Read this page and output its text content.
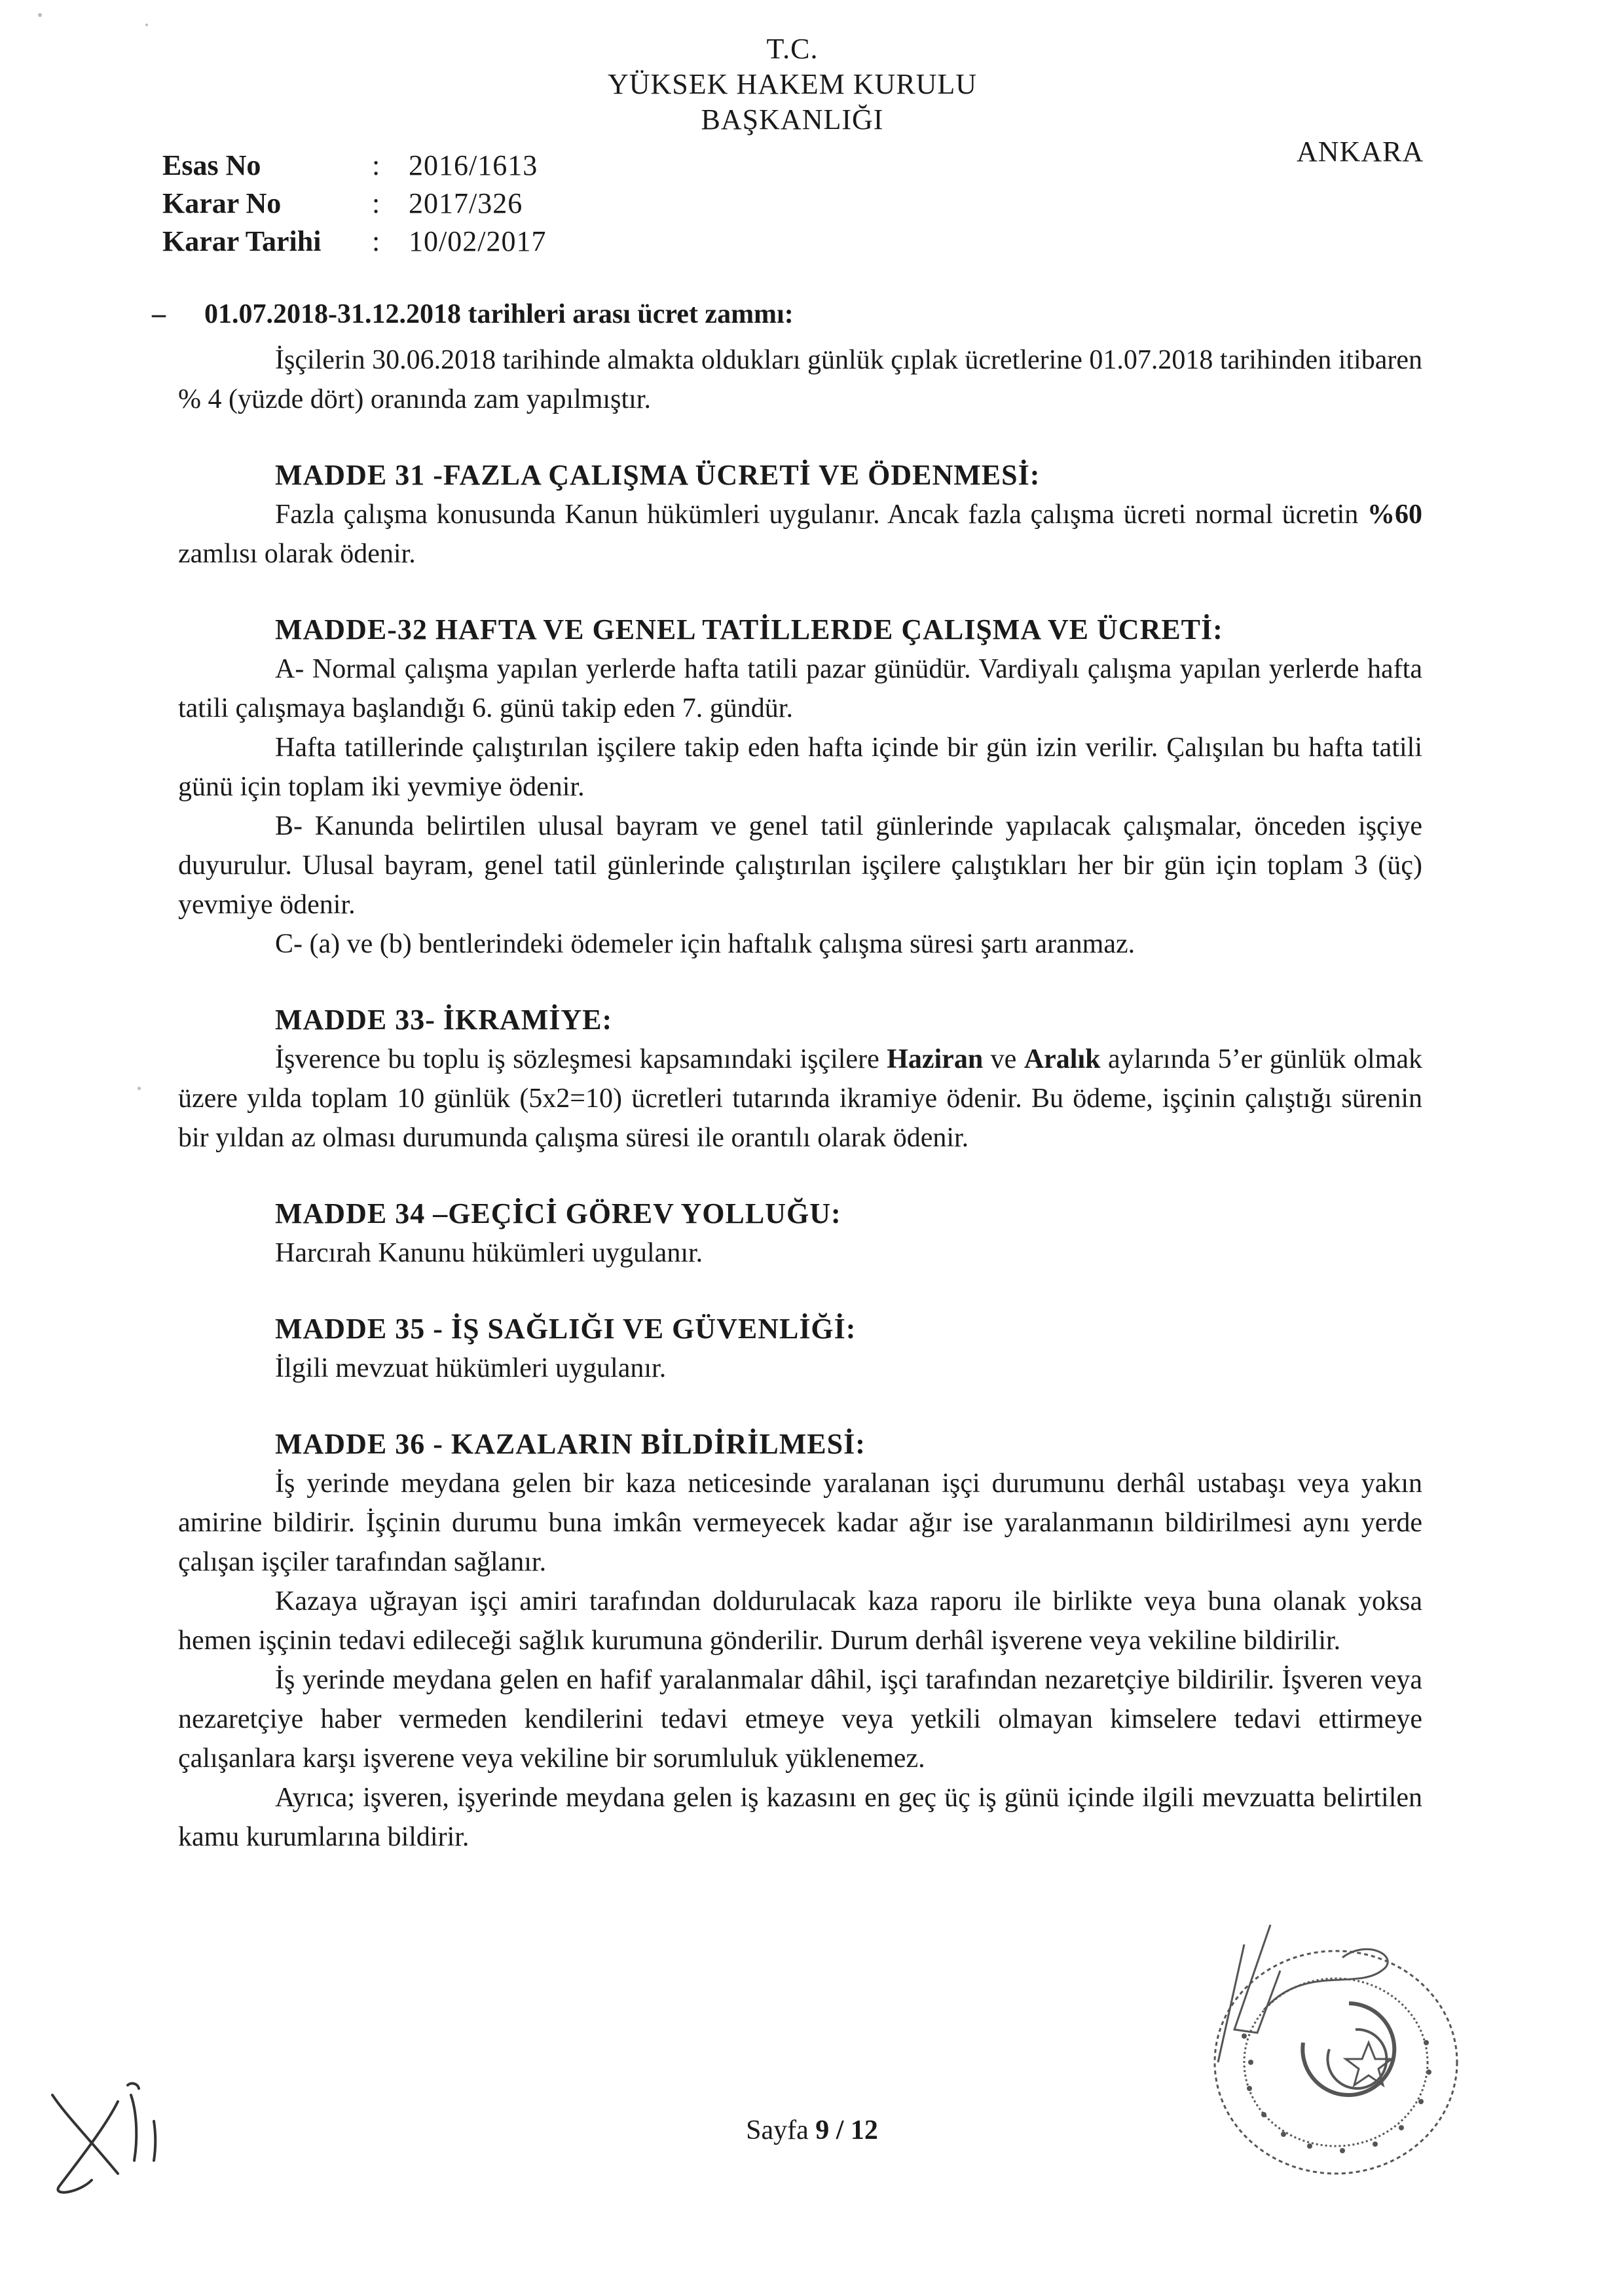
T.C.
YÜKSEK HAKEM KURULU
BAŞKANLIĞI
ANKARA
Esas No	: 2016/1613
Karar No	: 2017/326
Karar Tarihi	: 10/02/2017

– 01.07.2018-31.12.2018 tarihleri arası ücret zammı:

İşçilerin 30.06.2018 tarihinde almakta oldukları günlük çıplak ücretlerine 01.07.2018 tarihinden itibaren % 4 (yüzde dört) oranında zam yapılmıştır.

MADDE 31 -FAZLA ÇALIŞMA ÜCRETİ VE ÖDENMESİ:

Fazla çalışma konusunda Kanun hükümleri uygulanır. Ancak fazla çalışma ücreti normal ücretin %60 zamlısı olarak ödenir.

MADDE-32 HAFTA VE GENEL TATİLLERDE ÇALIŞMA VE ÜCRETİ:

A- Normal çalışma yapılan yerlerde hafta tatili pazar günüdür. Vardiyalı çalışma yapılan yerlerde hafta tatili çalışmaya başlandığı 6. günü takip eden 7. gündür.

Hafta tatillerinde çalıştırılan işçilere takip eden hafta içinde bir gün izin verilir. Çalışılan bu hafta tatili günü için toplam iki yevmiye ödenir.

B- Kanunda belirtilen ulusal bayram ve genel tatil günlerinde yapılacak çalışmalar, önceden işçiye duyurulur. Ulusal bayram, genel tatil günlerinde çalıştırılan işçilere çalıştıkları her bir gün için toplam 3 (üç) yevmiye ödenir.

C- (a) ve (b) bentlerindeki ödemeler için haftalık çalışma süresi şartı aranmaz.

MADDE 33- İKRAMİYE:

İşverence bu toplu iş sözleşmesi kapsamındaki işçilere Haziran ve Aralık aylarında 5’er günlük olmak üzere yılda toplam 10 günlük (5x2=10) ücretleri tutarında ikramiye ödenir. Bu ödeme, işçinin çalıştığı sürenin bir yıldan az olması durumunda çalışma süresi ile orantılı olarak ödenir.

MADDE 34 –GEÇİCİ GÖREV YOLLUĞU:

Harcırah Kanunu hükümleri uygulanır.

MADDE 35 - İŞ SAĞLIĞI VE GÜVENLİĞİ:

İlgili mevzuat hükümleri uygulanır.

MADDE 36 - KAZALARIN BİLDİRİLMESİ:

İş yerinde meydana gelen bir kaza neticesinde yaralanan işçi durumunu derhâl ustabaşı veya yakın amirine bildirir. İşçinin durumu buna imkân vermeyecek kadar ağır ise yaralanmanın bildirilmesi aynı yerde çalışan işçiler tarafından sağlanır.

Kazaya uğrayan işçi amiri tarafından doldurulacak kaza raporu ile birlikte veya buna olanak yoksa hemen işçinin tedavi edileceği sağlık kurumuna gönderilir. Durum derhâl işverene veya vekiline bildirilir.

İş yerinde meydana gelen en hafif yaralanmalar dâhil, işçi tarafından nezaretçiye bildirilir. İşveren veya nezaretçiye haber vermeden kendilerini tedavi etmeye veya yetkili olmayan kimselere tedavi ettirmeye çalışanlara karşı işverene veya vekiline bir sorumluluk yüklenemez.

Ayrıca; işveren, işyerinde meydana gelen iş kazasını en geç üç iş günü içinde ilgili mevzuatta belirtilen kamu kurumlarına bildirir.

Sayfa 9 / 12
